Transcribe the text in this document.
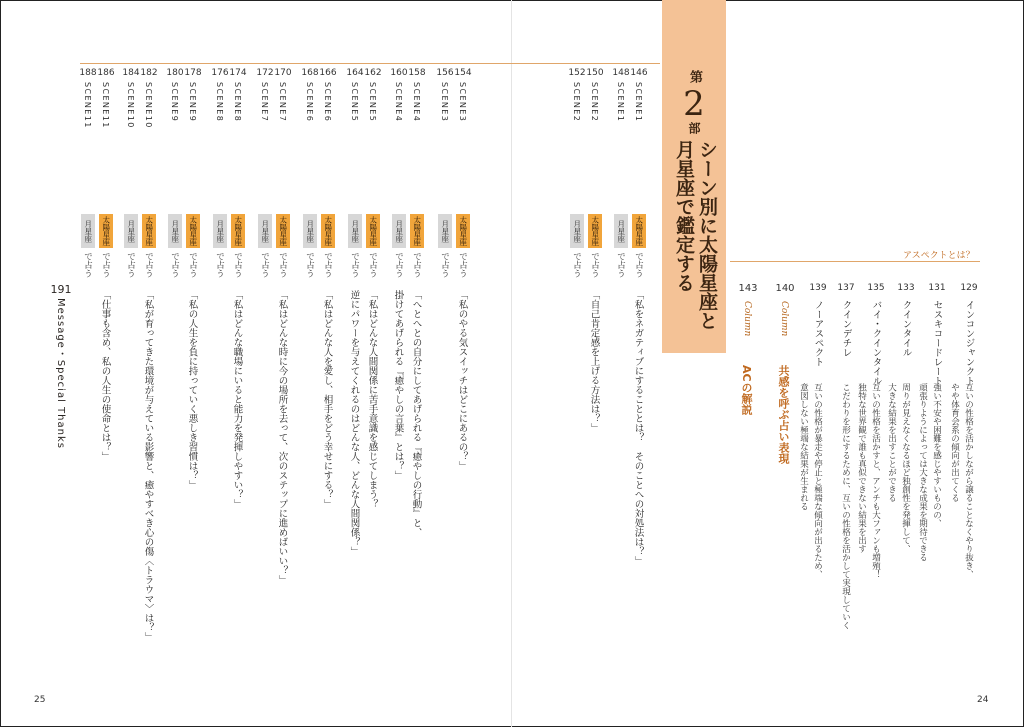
第
2
部
シーン別に太陽星座と
月星座で鑑定する
146
SCENE1
太陽星座
で占う
「私をネガティブにすることとは？　そのことへの対処法は？」
148
SCENE1
月星座
で占う
150
SCENE2
太陽星座
で占う
「自己肯定感を上げる方法は？」
152
SCENE2
月星座
で占う
154
SCENE3
太陽星座
で占う
「私のやる気スイッチはどこにあるの？」
156
SCENE3
月星座
で占う
158
SCENE4
太陽星座
で占う
「へとへとの自分にしてあげられる『癒やしの行動』と、
160
SCENE4
月星座
で占う
掛けてあげられる『癒やしの言葉』とは？」
162
SCENE5
太陽星座
で占う
「私はどんな人間関係に苦手意識を感じてしまう？
164
SCENE5
月星座
で占う
逆にパワーを与えてくれるのはどんな人、どんな人間関係？」
166
SCENE6
太陽星座
で占う
「私はどんな人を愛し、相手をどう幸せにする？」
168
SCENE6
月星座
で占う
170
SCENE7
太陽星座
で占う
「私はどんな時に今の場所を去って、次のステップに進めばいい？」
172
SCENE7
月星座
で占う
174
SCENE8
太陽星座
で占う
「私はどんな職場にいると能力を発揮しやすい？」
176
SCENE8
月星座
で占う
178
SCENE9
太陽星座
で占う
「私の人生を負に持っていく悪しき習慣は？」
180
SCENE9
月星座
で占う
182
SCENE10
太陽星座
で占う
「私が育ってきた環境が与えている影響と、癒やすべき心の傷〈トラウマ〉は？」
184
SCENE10
月星座
で占う
186
SCENE11
太陽星座
で占う
「仕事も含め、私の人生の使命とは？」
188
SCENE11
月星座
で占う	アスペクトとは？
129
インコンジャンクト
互いの性格を活かしながら譲ることなくやり抜き、
やや体育会系の傾向が出てくる
131
セスキコードレート
強い不安や困難を感じやすいものの、
頑張りようによっては大きな成果を期待できる
133
クインタイル
周りが見えなくなるほど独創性を発揮して、
大きな結果を出すことができる
135
バイ・クインタイル
互いの性格を活かすと、アンチも大ファンも増殖！
独特な世界観で誰も真似できない結果を出す
137
クインデチレ
こだわりを形にするために、互いの性格を活かして実現していく
139
ノーアスペクト
互いの性格が暴走や停止と極端な傾向が出るため、
意図しない極端な結果が生まれる
140
Column
共感を呼ぶ占い表現
143
Column
ACの解説
191
Message・Special Thanks
25	24
